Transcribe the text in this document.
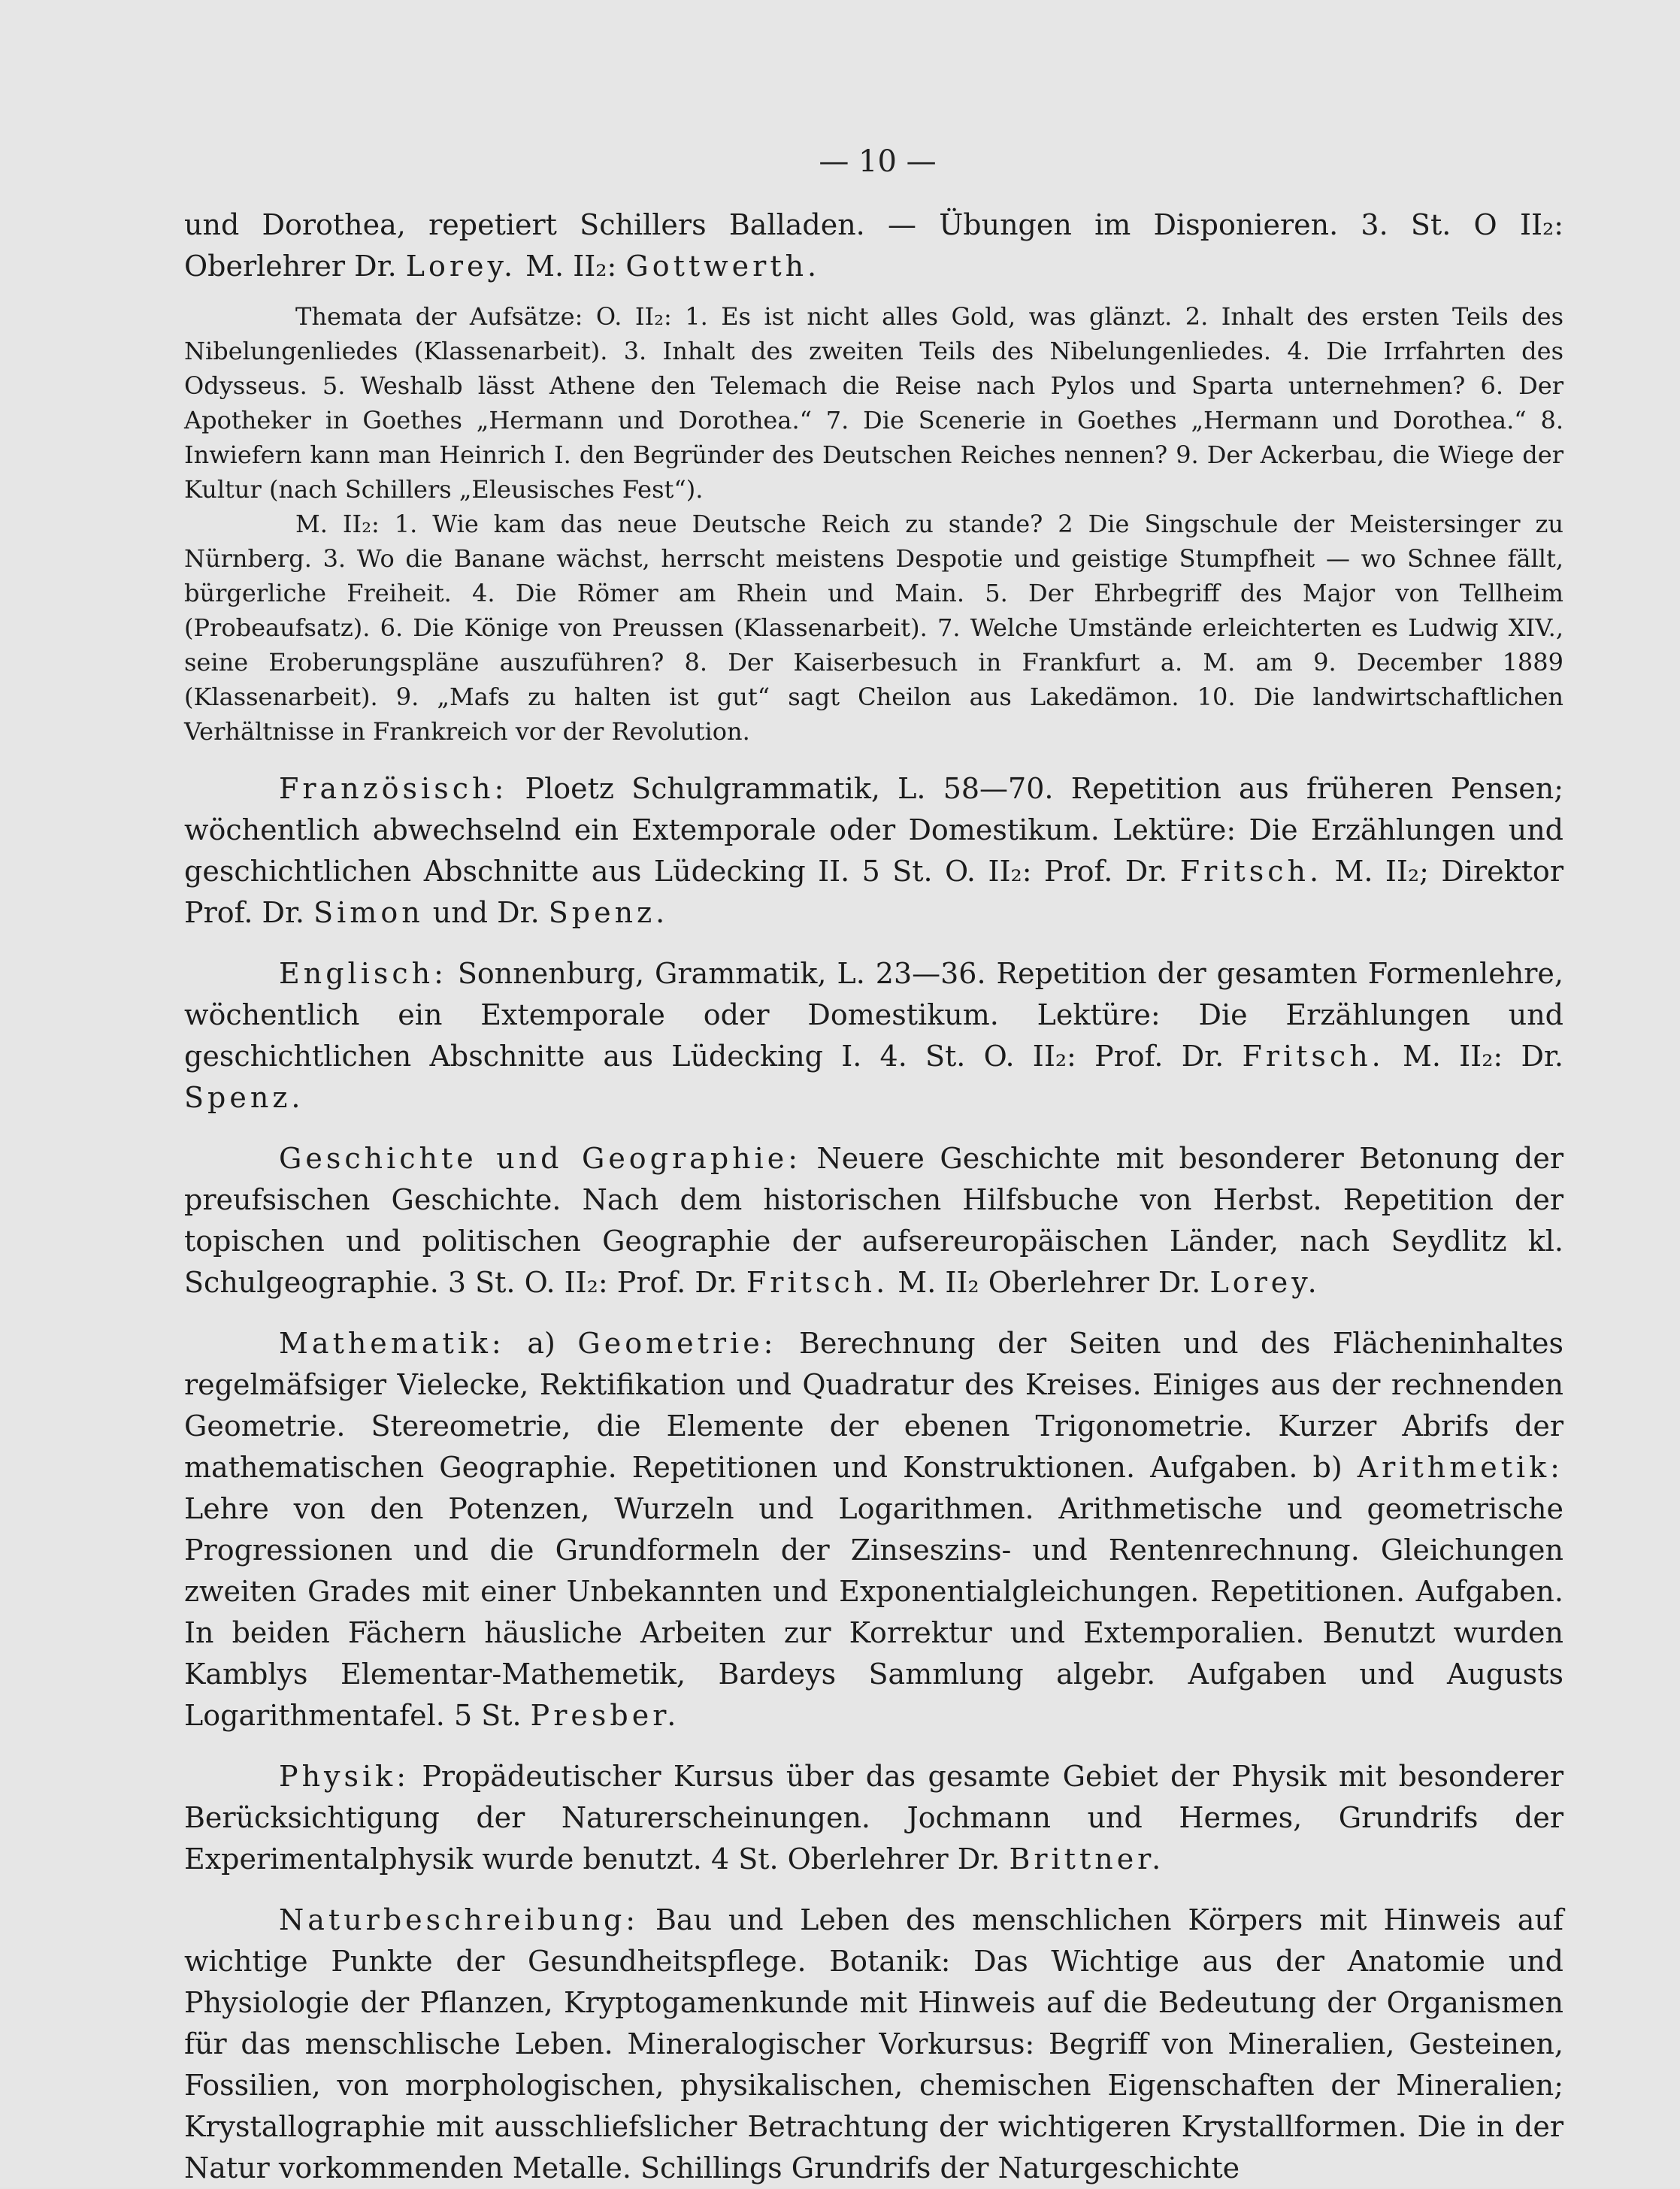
— 10 —

und Dorothea, repetiert Schillers Balladen. — Übungen im Disponieren. 3. St. O II₂: Oberlehrer Dr. Lorey. M. II₂: Gottwerth.

Themata der Aufsätze: O. II₂: 1. Es ist nicht alles Gold, was glänzt. 2. Inhalt des ersten Teils des Nibelungenliedes (Klassenarbeit). 3. Inhalt des zweiten Teils des Nibelungenliedes. 4. Die Irrfahrten des Odysseus. 5. Weshalb lässt Athene den Telemach die Reise nach Pylos und Sparta unternehmen? 6. Der Apotheker in Goethes „Hermann und Dorothea.“ 7. Die Scenerie in Goethes „Hermann und Dorothea.“ 8. Inwiefern kann man Heinrich I. den Begründer des Deutschen Reiches nennen? 9. Der Ackerbau, die Wiege der Kultur (nach Schillers „Eleusisches Fest“).

M. II₂: 1. Wie kam das neue Deutsche Reich zu stande? 2 Die Singschule der Meistersinger zu Nürnberg. 3. Wo die Banane wächst, herrscht meistens Despotie und geistige Stumpfheit — wo Schnee fällt, bürgerliche Freiheit. 4. Die Römer am Rhein und Main. 5. Der Ehrbegriff des Major von Tellheim (Probeaufsatz). 6. Die Könige von Preussen (Klassenarbeit). 7. Welche Umstände erleichterten es Ludwig XIV., seine Eroberungspläne auszuführen? 8. Der Kaiserbesuch in Frankfurt a. M. am 9. December 1889 (Klassenarbeit). 9. „Mafs zu halten ist gut“ sagt Cheilon aus Lakedämon. 10. Die landwirtschaftlichen Verhältnisse in Frankreich vor der Revolution.

Französisch: Ploetz Schulgrammatik, L. 58—70. Repetition aus früheren Pensen; wöchentlich abwechselnd ein Extemporale oder Domestikum. Lektüre: Die Erzählungen und geschichtlichen Abschnitte aus Lüdecking II. 5 St. O. II₂: Prof. Dr. Fritsch. M. II₂; Direktor Prof. Dr. Simon und Dr. Spenz.

Englisch: Sonnenburg, Grammatik, L. 23—36. Repetition der gesamten Formenlehre, wöchentlich ein Extemporale oder Domestikum. Lektüre: Die Erzählungen und geschichtlichen Abschnitte aus Lüdecking I. 4. St. O. II₂: Prof. Dr. Fritsch. M. II₂: Dr. Spenz.

Geschichte und Geographie: Neuere Geschichte mit besonderer Betonung der preufsischen Geschichte. Nach dem historischen Hilfsbuche von Herbst. Repetition der topischen und politischen Geographie der aufsereuropäischen Länder, nach Seydlitz kl. Schulgeographie. 3 St. O. II₂: Prof. Dr. Fritsch. M. II₂ Oberlehrer Dr. Lorey.

Mathematik: a) Geometrie: Berechnung der Seiten und des Flächeninhaltes regelmäfsiger Vielecke, Rektifikation und Quadratur des Kreises. Einiges aus der rechnenden Geometrie. Stereometrie, die Elemente der ebenen Trigonometrie. Kurzer Abrifs der mathematischen Geographie. Repetitionen und Konstruktionen. Aufgaben. b) Arithmetik: Lehre von den Potenzen, Wurzeln und Logarithmen. Arithmetische und geometrische Progressionen und die Grundformeln der Zinseszins- und Rentenrechnung. Gleichungen zweiten Grades mit einer Unbekannten und Exponentialgleichungen. Repetitionen. Aufgaben. In beiden Fächern häusliche Arbeiten zur Korrektur und Extemporalien. Benutzt wurden Kamblys Elementar-Mathemetik, Bardeys Sammlung algebr. Aufgaben und Augusts Logarithmentafel. 5 St. Presber.

Physik: Propädeutischer Kursus über das gesamte Gebiet der Physik mit besonderer Berücksichtigung der Naturerscheinungen. Jochmann und Hermes, Grundrifs der Experimentalphysik wurde benutzt. 4 St. Oberlehrer Dr. Brittner.

Naturbeschreibung: Bau und Leben des menschlichen Körpers mit Hinweis auf wichtige Punkte der Gesundheitspflege. Botanik: Das Wichtige aus der Anatomie und Physiologie der Pflanzen, Kryptogamenkunde mit Hinweis auf die Bedeutung der Organismen für das menschlische Leben. Mineralogischer Vorkursus: Begriff von Mineralien, Gesteinen, Fossilien, von morphologischen, physikalischen, chemischen Eigenschaften der Mineralien; Krystallographie mit ausschliefslicher Betrachtung der wichtigeren Krystallformen. Die in der Natur vorkommenden Metalle. Schillings Grundrifs der Naturgeschichte
